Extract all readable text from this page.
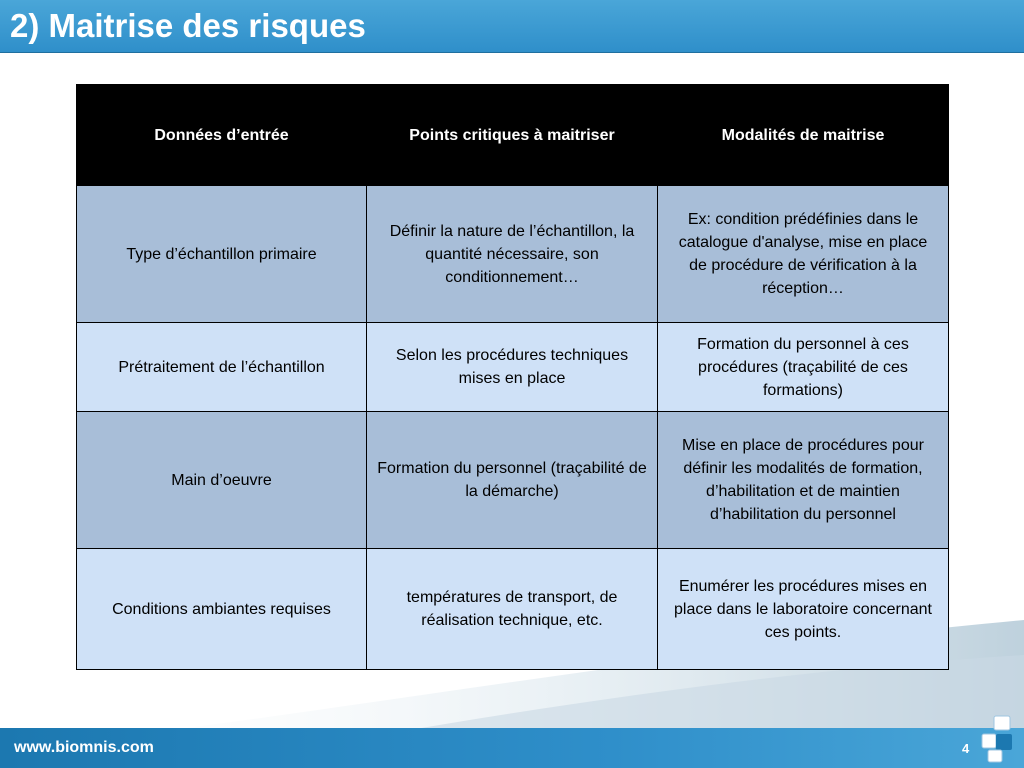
2) Maitrise des risques
Données d’entrée	Points critiques à maitriser	Modalités de maitrise
Type d’échantillon primaire	Définir la nature de l’échantillon, la quantité nécessaire, son conditionnement…	Ex: condition prédéfinies dans le catalogue d'analyse, mise en place de procédure de vérification à la réception…
Prétraitement de l’échantillon	Selon les procédures techniques mises en place	Formation du personnel à ces procédures (traçabilité de ces formations)
Main d’oeuvre	Formation du personnel (traçabilité de la démarche)	Mise en place de procédures pour définir les modalités de formation, d’habilitation et de maintien d’habilitation du personnel
Conditions ambiantes requises	températures de transport, de réalisation technique, etc.	Enumérer les procédures mises en place dans le laboratoire concernant ces points.
www.biomnis.com	4
